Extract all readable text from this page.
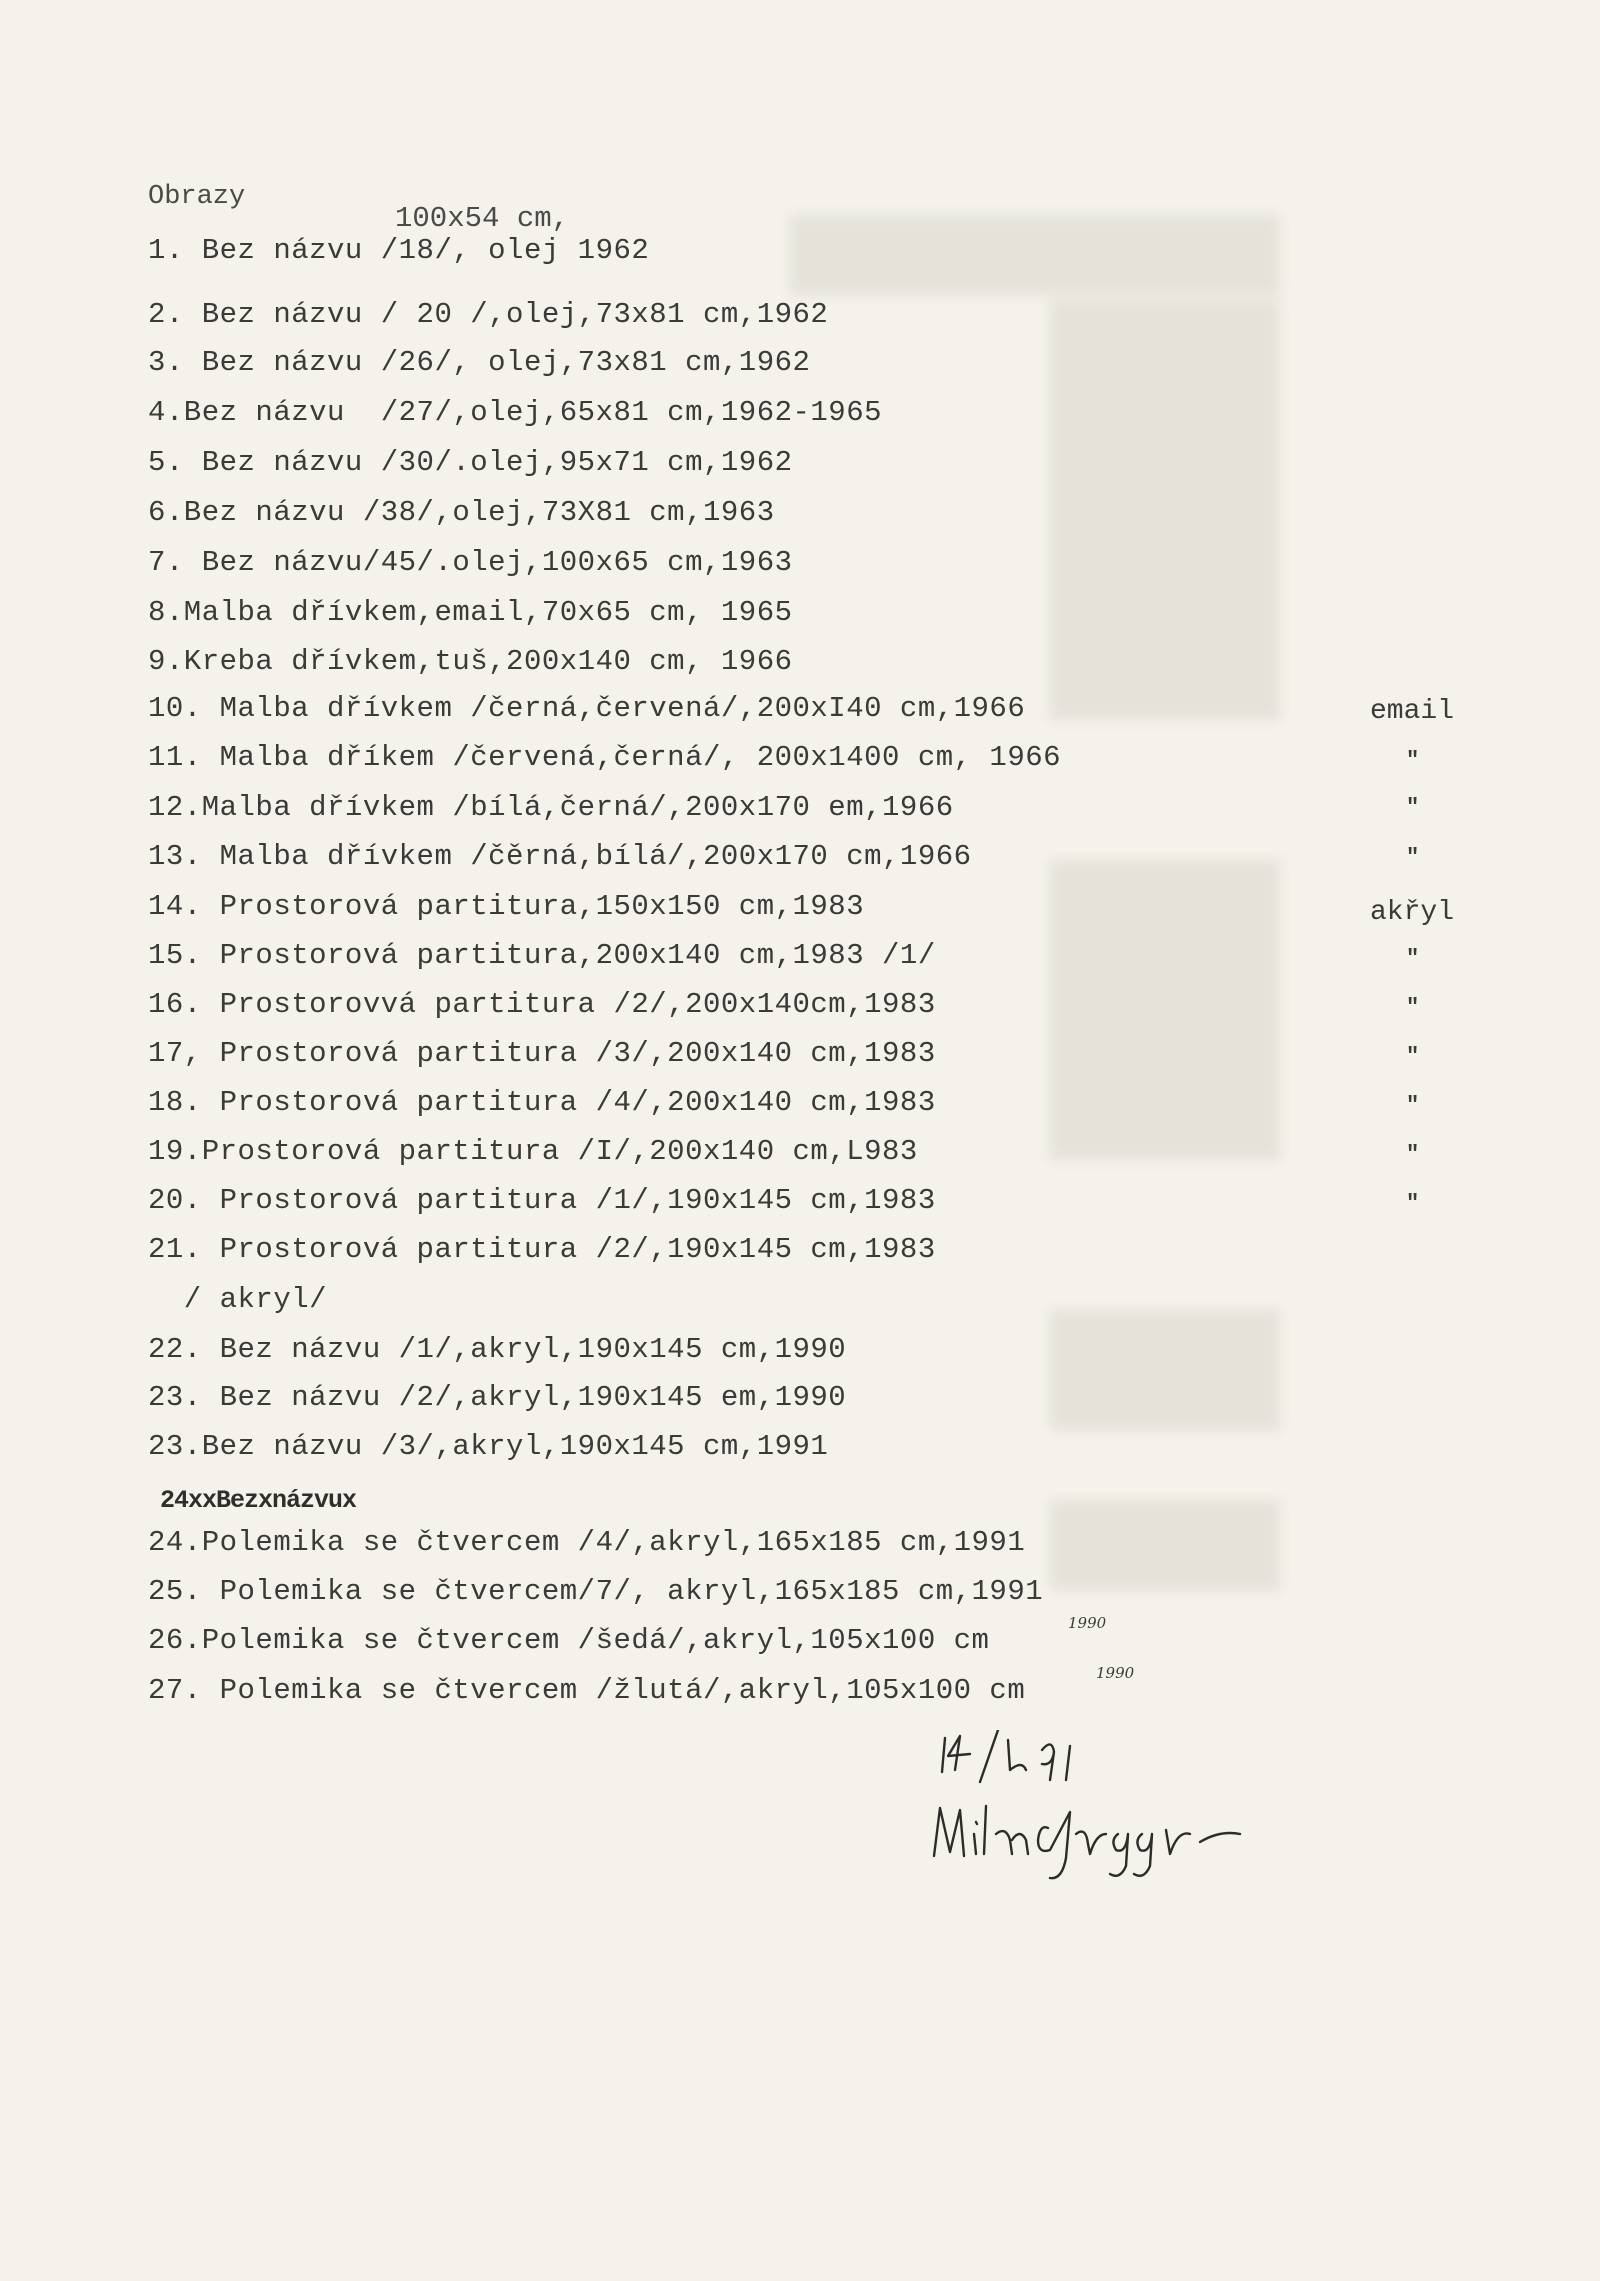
Obrazy
100x54 cm,
1. Bez názvu /18/, olej 1962
2. Bez názvu / 20 /,olej,73x81 cm,1962
3. Bez názvu /26/, olej,73x81 cm,1962
4.Bez názvu  /27/,olej,65x81 cm,1962-1965
5. Bez názvu /30/.olej,95x71 cm,1962
6.Bez názvu /38/,olej,73X81 cm,1963
7. Bez názvu/45/.olej,100x65 cm,1963
8.Malba dřívkem,email,70x65 cm, 1965
9.Kreba dřívkem,tuš,200x140 cm, 1966
10. Malba dřívkem /černá,červená/,200xI40 cm,1966
11. Malba dříkem /červená,černá/, 200x1400 cm, 1966
12.Malba dřívkem /bílá,černá/,200x170 em,1966
13. Malba dřívkem /čěrná,bílá/,200x170 cm,1966
14. Prostorová partitura,150x150 cm,1983
15. Prostorová partitura,200x140 cm,1983 /1/
16. Prostorovvá partitura /2/,200x140cm,1983
17, Prostorová partitura /3/,200x140 cm,1983
18. Prostorová partitura /4/,200x140 cm,1983
19.Prostorová partitura /I/,200x140 cm,L983
20. Prostorová partitura /1/,190x145 cm,1983
21. Prostorová partitura /2/,190x145 cm,1983
/ akryl/
22. Bez názvu /1/,akryl,190x145 cm,1990
23. Bez názvu /2/,akryl,190x145 em,1990
23.Bez názvu /3/,akryl,190x145 cm,1991
24xxBezxnázvux
24.Polemika se čtvercem /4/,akryl,165x185 cm,1991
25. Polemika se čtvercem/7/, akryl,165x185 cm,1991
26.Polemika se čtvercem /šedá/,akryl,105x100 cm
27. Polemika se čtvercem /žlutá/,akryl,105x100 cm
1990
1990
email
"
"
"
akřyl
"
"
"
"
"
"
